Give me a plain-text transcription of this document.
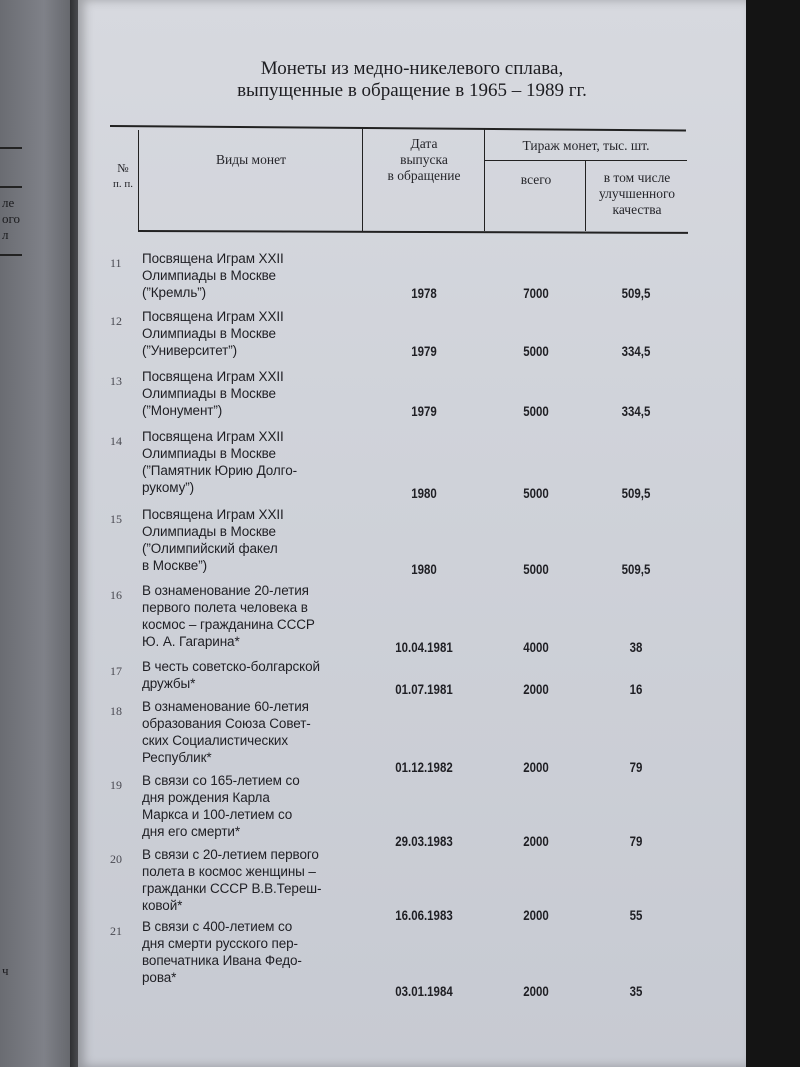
ле
ого
л
ч
Монеты из медно-никелевого сплава,
выпущенные в обращение в 1965 – 1989 гг.
№
п. п.
Виды монет
Дата
выпуска
в обращение
Тираж монет, тыс. шт.
всего	в том числе
улучшенного
качества
11 Посвящена Играм XXII
Олимпиады в Москве
(”Кремль”)	1978	7000	509,5
12 Посвящена Играм XXII
Олимпиады в Москве
(”Университет”)	1979	5000	334,5
13 Посвящена Играм XXII
Олимпиады в Москве
(”Монумент”)	1979	5000	334,5
14 Посвящена Играм XXII
Олимпиады в Москве
(”Памятник Юрию Долго-
рукому”)	1980	5000	509,5
15 Посвящена Играм XXII
Олимпиады в Москве
(”Олимпийский факел
в Москве”)	1980	5000	509,5
16 В ознаменование 20-летия
первого полета человека в
космос – гражданина СССР
Ю. А. Гагарина*	10.04.1981	4000	38
17 В честь советско-болгарской
дружбы*	01.07.1981	2000	16
18 В ознаменование 60-летия
образования Союза Совет-
ских Социалистических
Республик*
01.12.1982	2000	79
19 В связи со 165-летием со
дня рождения Карла
Маркса и 100-летием со
дня его смерти*
29.03.1983	2000	79
20 В связи с 20-летием первого
полета в космос женщины –
гражданки СССР В.В.Тереш-
ковой*
16.06.1983	2000	55
21 В связи с 400-летием со
дня смерти русского пер-
вопечатника Ивана Федо-
рова*
03.01.1984	2000	35
